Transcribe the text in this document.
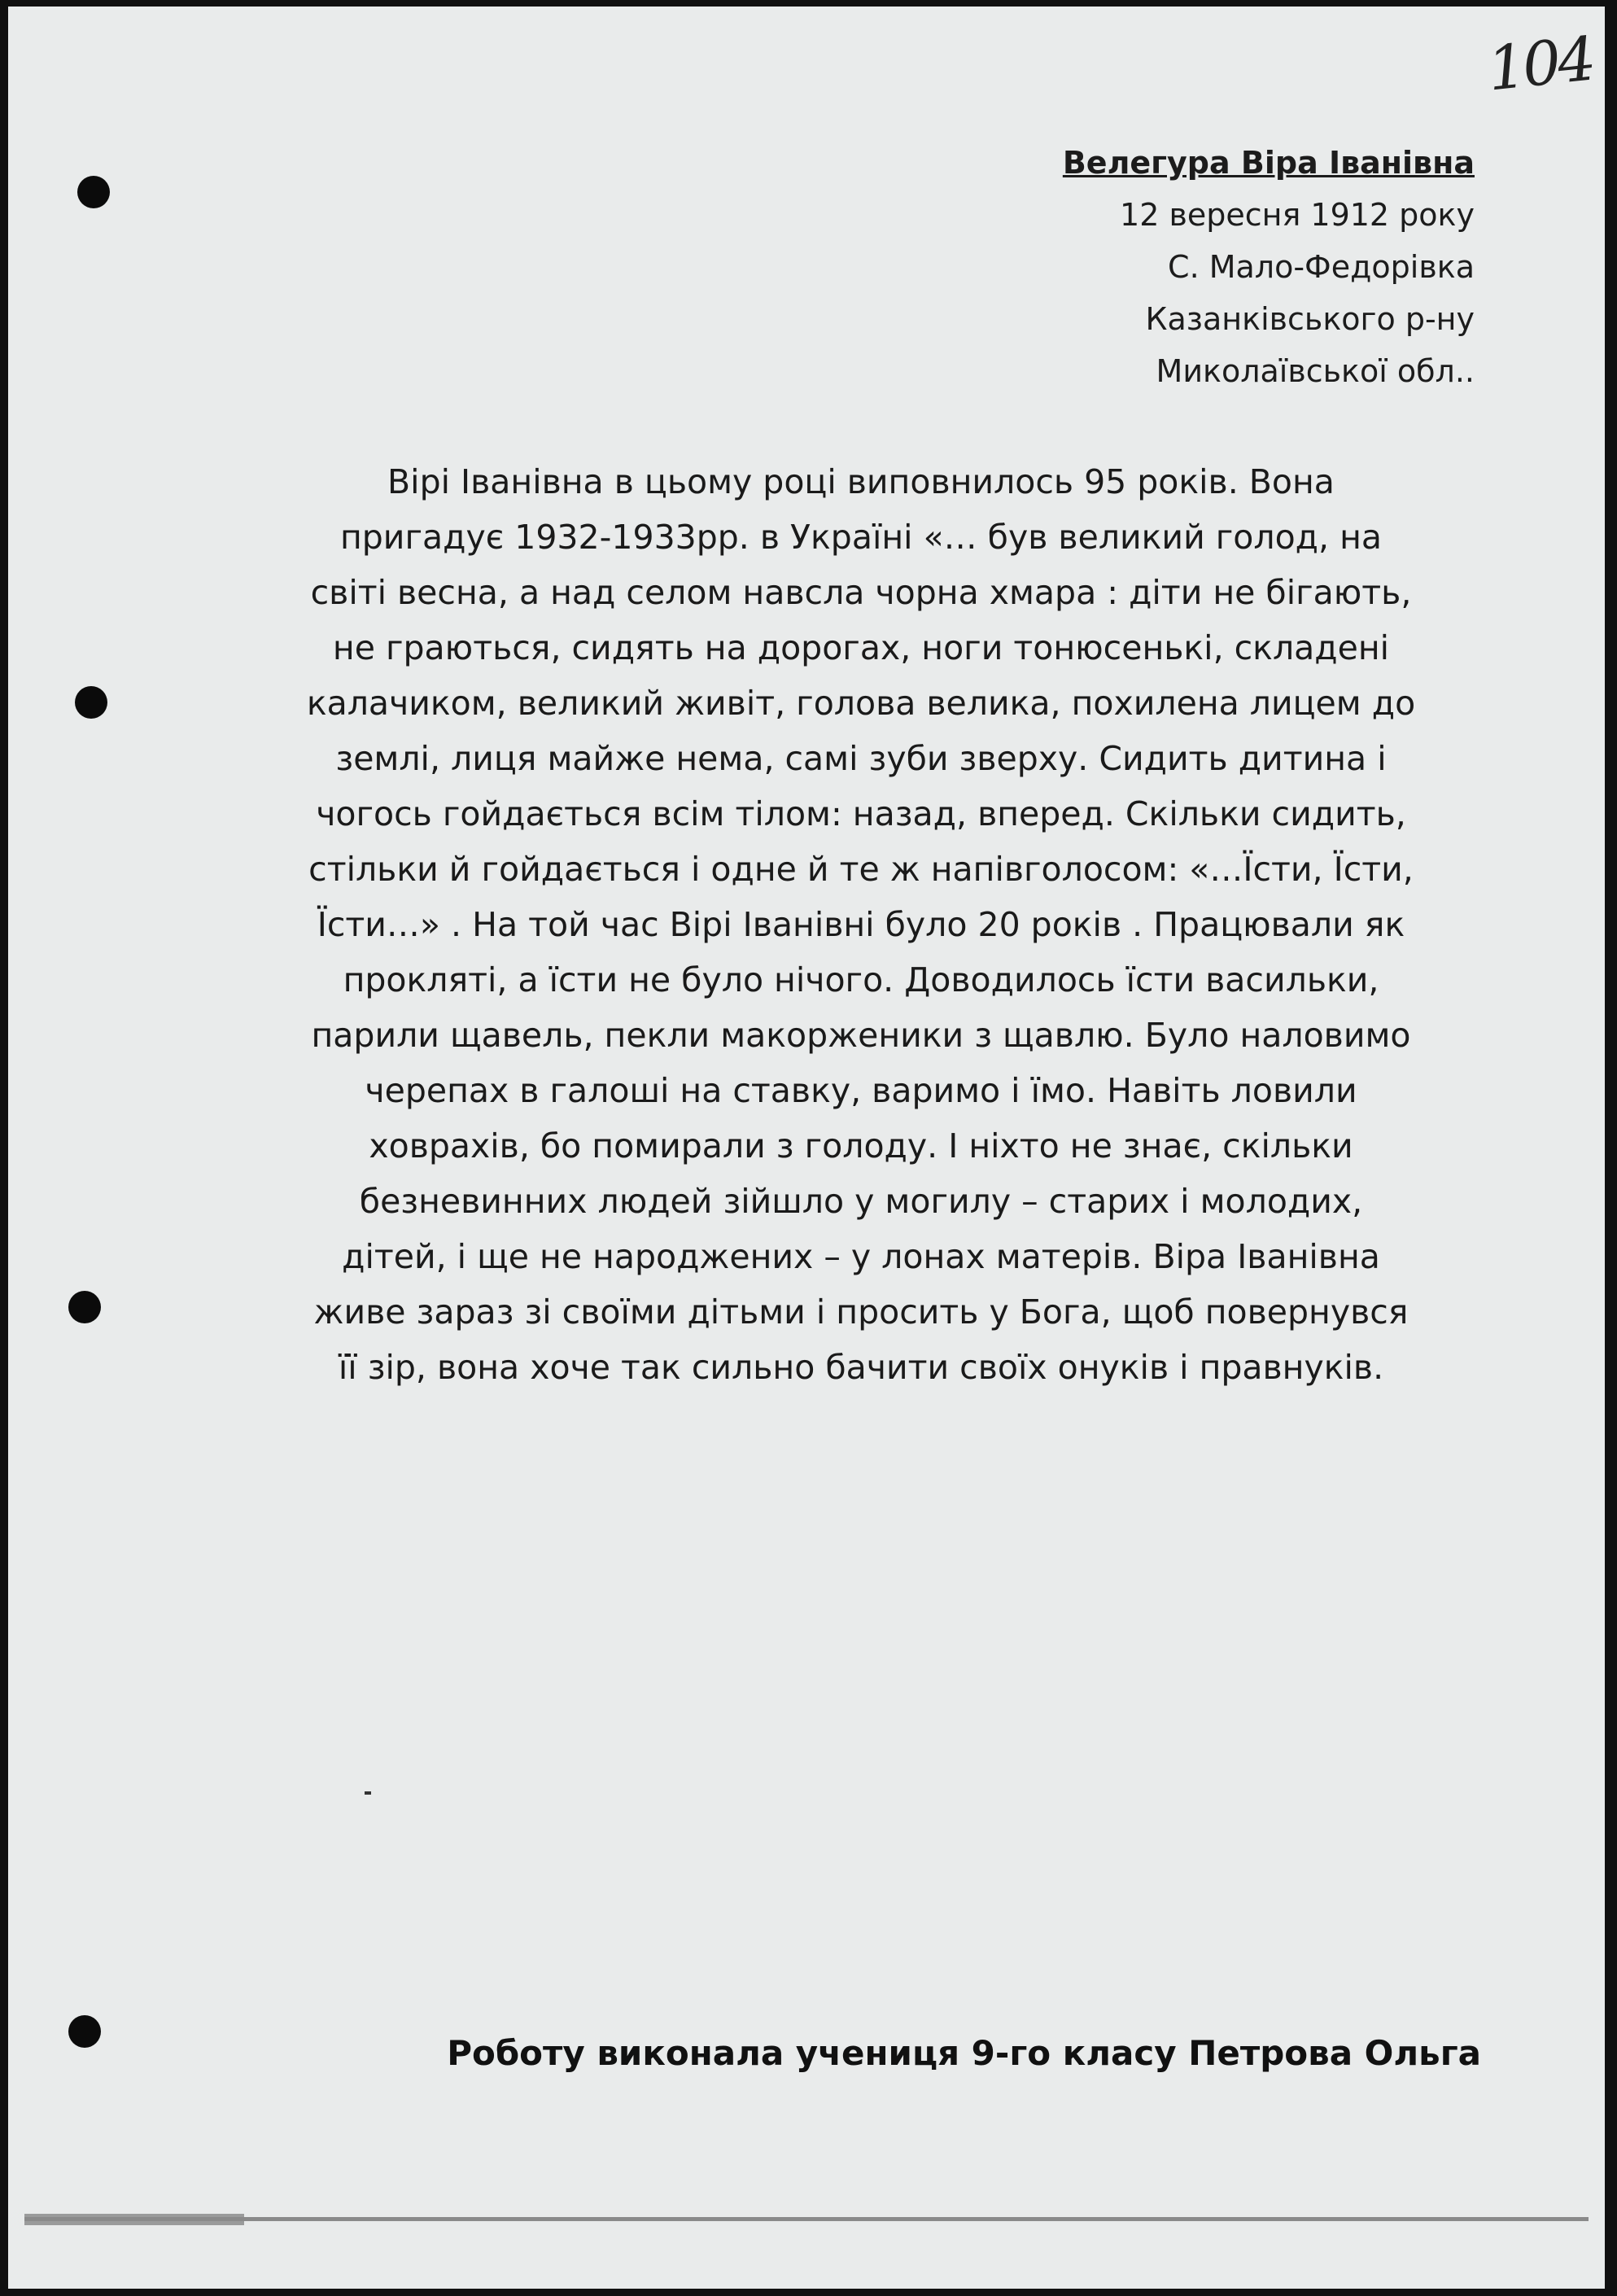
104
Велегура Віра Іванівна
12 вересня 1912 року
С. Мало-Федорівка
Казанківського р-ну
Миколаївської обл..
Вірі Іванівна в цьому році виповнилось 95 років. Вона
пригадує 1932-1933рр. в Україні «… був великий голод, на
світі весна, а над селом навсла чорна хмара : діти не бігають,
не граються, сидять на дорогах, ноги тонюсенькі, складені
калачиком, великий живіт, голова велика, похилена лицем до
землі, лиця майже нема, самі зуби зверху. Сидить дитина і
чогось гойдається всім тілом: назад, вперед. Скільки сидить,
стільки й гойдається і одне й те ж напівголосом: «…Їсти, Їсти,
Їсти…» . На той час Вірі Іванівні було 20 років . Працювали як
прокляті, а їсти не було нічого. Доводилось їсти васильки,
парили щавель, пекли макорженики з щавлю. Було наловимо
черепах в галоші на ставку, варимо і їмо. Навіть ловили
ховрахів, бо помирали з голоду. І ніхто не знає, скільки
безневинних людей зійшло у могилу – старих і молодих,
дітей, і ще не народжених – у лонах матерів. Віра Іванівна
живе зараз зі своїми дітьми і просить у Бога, щоб повернувся
її зір, вона хоче так сильно бачити своїх онуків і правнуків.
Роботу виконала учениця 9-го класу Петрова Ольга
